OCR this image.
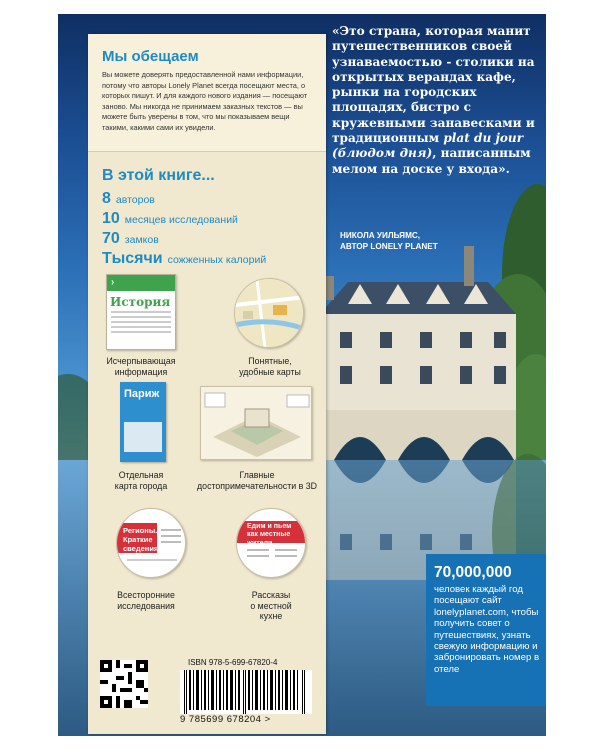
Мы обещаем
Вы можете доверять предоставленной нами информации, потому что авторы Lonely Planet всегда посещают места, о которых пишут. И для каждого нового издания — посещают заново. Мы никогда не принимаем заказных текстов — вы можете быть уверены в том, что мы показываем вещи такими, какими сами их увидели.
В этой книге...
8 авторов
10 месяцев исследований
70 замков
Тысячи сожженных калорий
›
История
Исчерпывающая
информация
Понятные,
удобные карты
Париж
Отдельная
карта города
Главные
достопримечательности в 3D
Регионы. Краткие сведения
Всесторонние
исследования
Едим и пьем как местные жители
Рассказы
о местной
кухне
ISBN 978-5-699-67820-4
9 785699 678204 >
«Это страна, которая манит путешественников своей узнаваемостью - столики на открытых верандах кафе, рынки на городских площадях, бистро с кружевными занавесками и традиционным plat du jour (блюдом дня), написанным мелом на доске у входа».
НИКОЛА УИЛЬЯМС,
АВТОР LONELY PLANET
70,000,000
человек каждый год посещают сайт lonelyplanet.com, чтобы получить совет о путешествиях, узнать свежую информацию и забронировать номер в отеле
